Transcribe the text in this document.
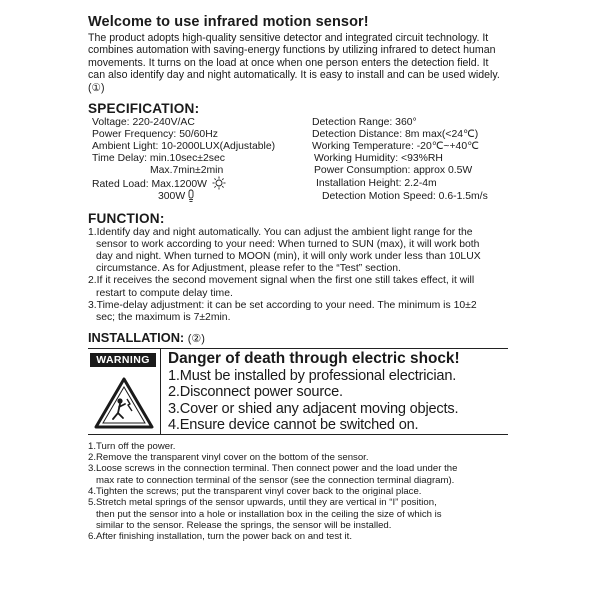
Welcome to use infrared motion sensor!

The product adopts high-quality sensitive detector and integrated circuit technology. It combines automation with saving-energy functions by utilizing infrared to detect human movements. It turns on the load at once when one person enters the detection field. It can also identify day and night automatically. It is easy to install and can be used widely.(①)

SPECIFICATION:
Voltage: 220-240V/AC
Power Frequency: 50/60Hz
Ambient Light: 10-2000LUX(Adjustable)
Time Delay: min.10sec±2sec
Max.7min±2min
Rated Load: Max.1200W
300W
Detection Range: 360°
Detection Distance: 8m max(<24℃)
Working Temperature: -20℃~+40℃
Working Humidity: <93%RH
Power Consumption: approx 0.5W
Installation Height: 2.2-4m
Detection Motion Speed: 0.6-1.5m/s
FUNCTION:

1.Identify day and night automatically. You can adjust the ambient light range for the

sensor to work according to your need: When turned to SUN (max), it will work both

day and night. When turned to MOON (min), it will only work under less than 10LUX

circumstance. As for Adjustment, please refer to the “Test” section.

2.If it receives the second movement signal when the first one still takes effect, it will

restart to compute delay time.

3.Time-delay adjustment: it can be set according to your need. The minimum is 10±2

sec; the maximum is 7±2min.

INSTALLATION: (②)
WARNING	Danger of death through electric shock!
1.Must be installed by professional electrician.
2.Disconnect power source.
3.Cover or shied any adjacent moving objects.
4.Ensure device cannot be switched on.

1.Turn off the power.

2.Remove the transparent vinyl cover on the bottom of the sensor.

3.Loose screws in the connection terminal. Then connect power and the load under the

max rate to connection terminal of the sensor (see the connection terminal diagram).

4.Tighten the screws; put the transparent vinyl cover back to the original place.

5.Stretch metal springs of the sensor upwards, until they are vertical in “I” position,

then put the sensor into a hole or installation box in the ceiling the size of which is

similar to the sensor. Release the springs, the sensor will be installed.

6.After finishing installation, turn the power back on and test it.
